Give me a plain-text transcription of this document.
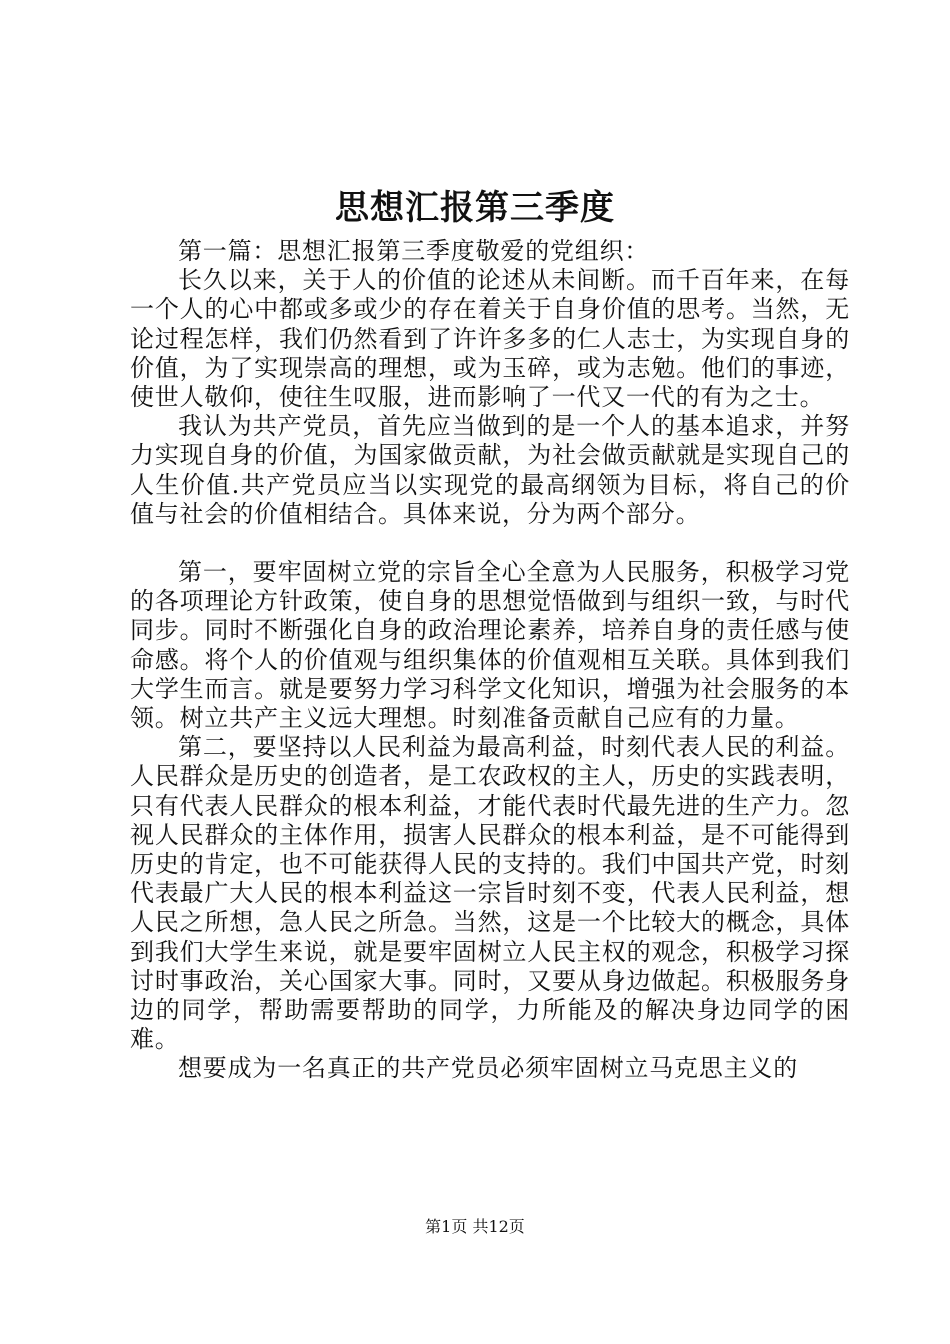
思想汇报第三季度

第一篇：思想汇报第三季度敬爱的党组织：

长久以来，关于人的价值的论述从未间断。而千百年来，在每一个人的心中都或多或少的存在着关于自身价值的思考。当然，无论过程怎样，我们仍然看到了许许多多的仁人志士，为实现自身的价值，为了实现崇高的理想，或为玉碎，或为志勉。他们的事迹，使世人敬仰，使往生叹服，进而影响了一代又一代的有为之士。

我认为共产党员，首先应当做到的是一个人的基本追求，并努力实现自身的价值，为国家做贡献，为社会做贡献就是实现自己的人生价值.共产党员应当以实现党的最高纲领为目标，将自己的价值与社会的价值相结合。具体来说，分为两个部分。

第一，要牢固树立党的宗旨全心全意为人民服务，积极学习党的各项理论方针政策，使自身的思想觉悟做到与组织一致，与时代同步。同时不断强化自身的政治理论素养，培养自身的责任感与使命感。将个人的价值观与组织集体的价值观相互关联。具体到我们大学生而言。就是要努力学习科学文化知识，增强为社会服务的本领。树立共产主义远大理想。时刻准备贡献自己应有的力量。

第二，要坚持以人民利益为最高利益，时刻代表人民的利益。人民群众是历史的创造者，是工农政权的主人，历史的实践表明，只有代表人民群众的根本利益，才能代表时代最先进的生产力。忽视人民群众的主体作用，损害人民群众的根本利益，是不可能得到历史的肯定，也不可能获得人民的支持的。我们中国共产党，时刻代表最广大人民的根本利益这一宗旨时刻不变，代表人民利益，想人民之所想，急人民之所急。当然，这是一个比较大的概念，具体到我们大学生来说，就是要牢固树立人民主权的观念，积极学习探讨时事政治，关心国家大事。同时，又要从身边做起。积极服务身边的同学，帮助需要帮助的同学，力所能及的解决身边同学的困难。

想要成为一名真正的共产党员必须牢固树立马克思主义的

第1页 共12页
